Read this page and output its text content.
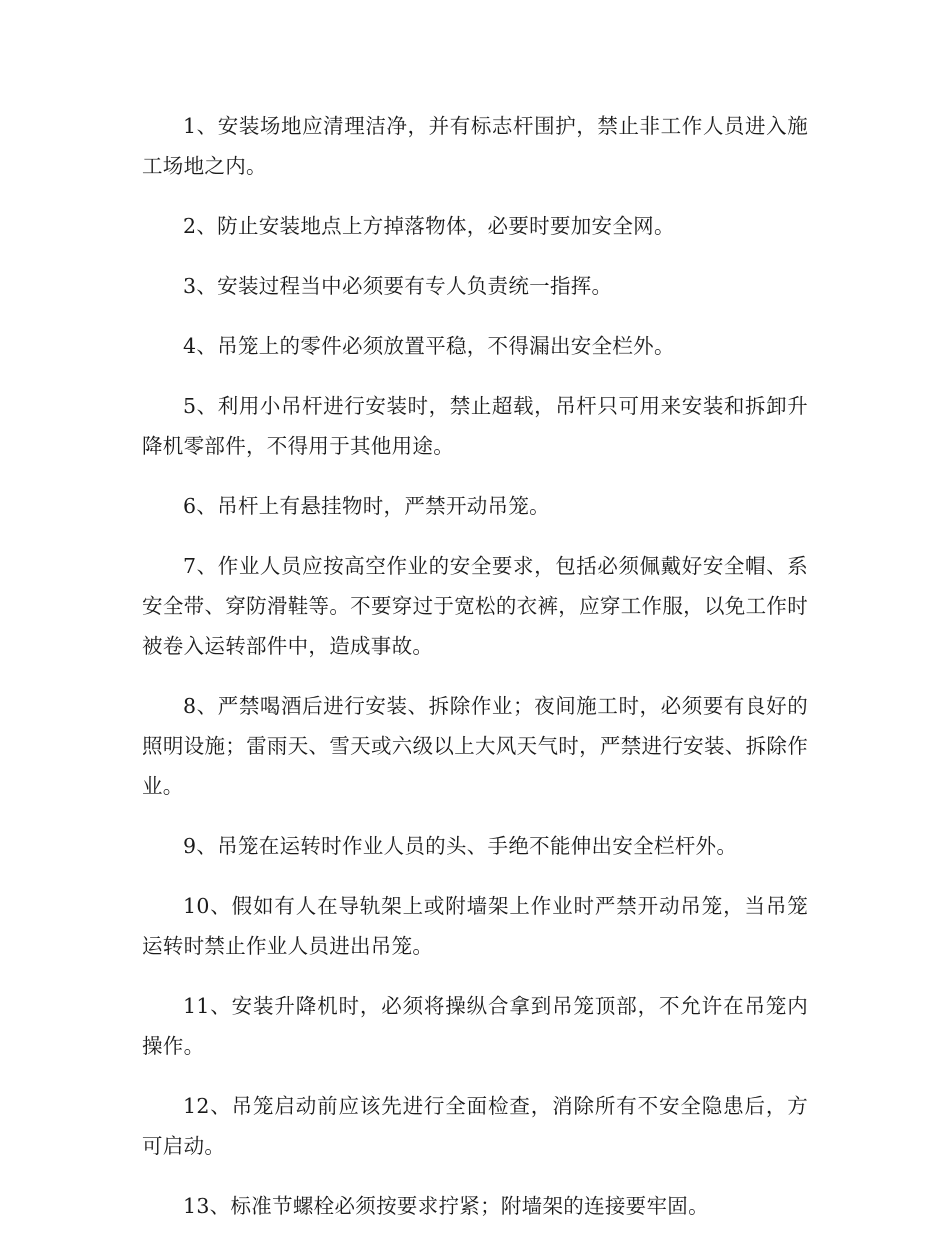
1、安装场地应清理洁净，并有标志杆围护，禁止非工作人员进入施工场地之内。

2、防止安装地点上方掉落物体，必要时要加安全网。

3、安装过程当中必须要有专人负责统一指挥。

4、吊笼上的零件必须放置平稳，不得漏出安全栏外。

5、利用小吊杆进行安装时，禁止超载，吊杆只可用来安装和拆卸升降机零部件，不得用于其他用途。

6、吊杆上有悬挂物时，严禁开动吊笼。

7、作业人员应按高空作业的安全要求，包括必须佩戴好安全帽、系安全带、穿防滑鞋等。不要穿过于宽松的衣裤，应穿工作服，以免工作时被卷入运转部件中，造成事故。

8、严禁喝酒后进行安装、拆除作业；夜间施工时，必须要有良好的照明设施；雷雨天、雪天或六级以上大风天气时，严禁进行安装、拆除作业。

9、吊笼在运转时作业人员的头、手绝不能伸出安全栏杆外。

10、假如有人在导轨架上或附墙架上作业时严禁开动吊笼，当吊笼运转时禁止作业人员进出吊笼。

11、安装升降机时，必须将操纵合拿到吊笼顶部，不允许在吊笼内操作。

12、吊笼启动前应该先进行全面检查，消除所有不安全隐患后，方可启动。

13、标准节螺栓必须按要求拧紧；附墙架的连接要牢固。
